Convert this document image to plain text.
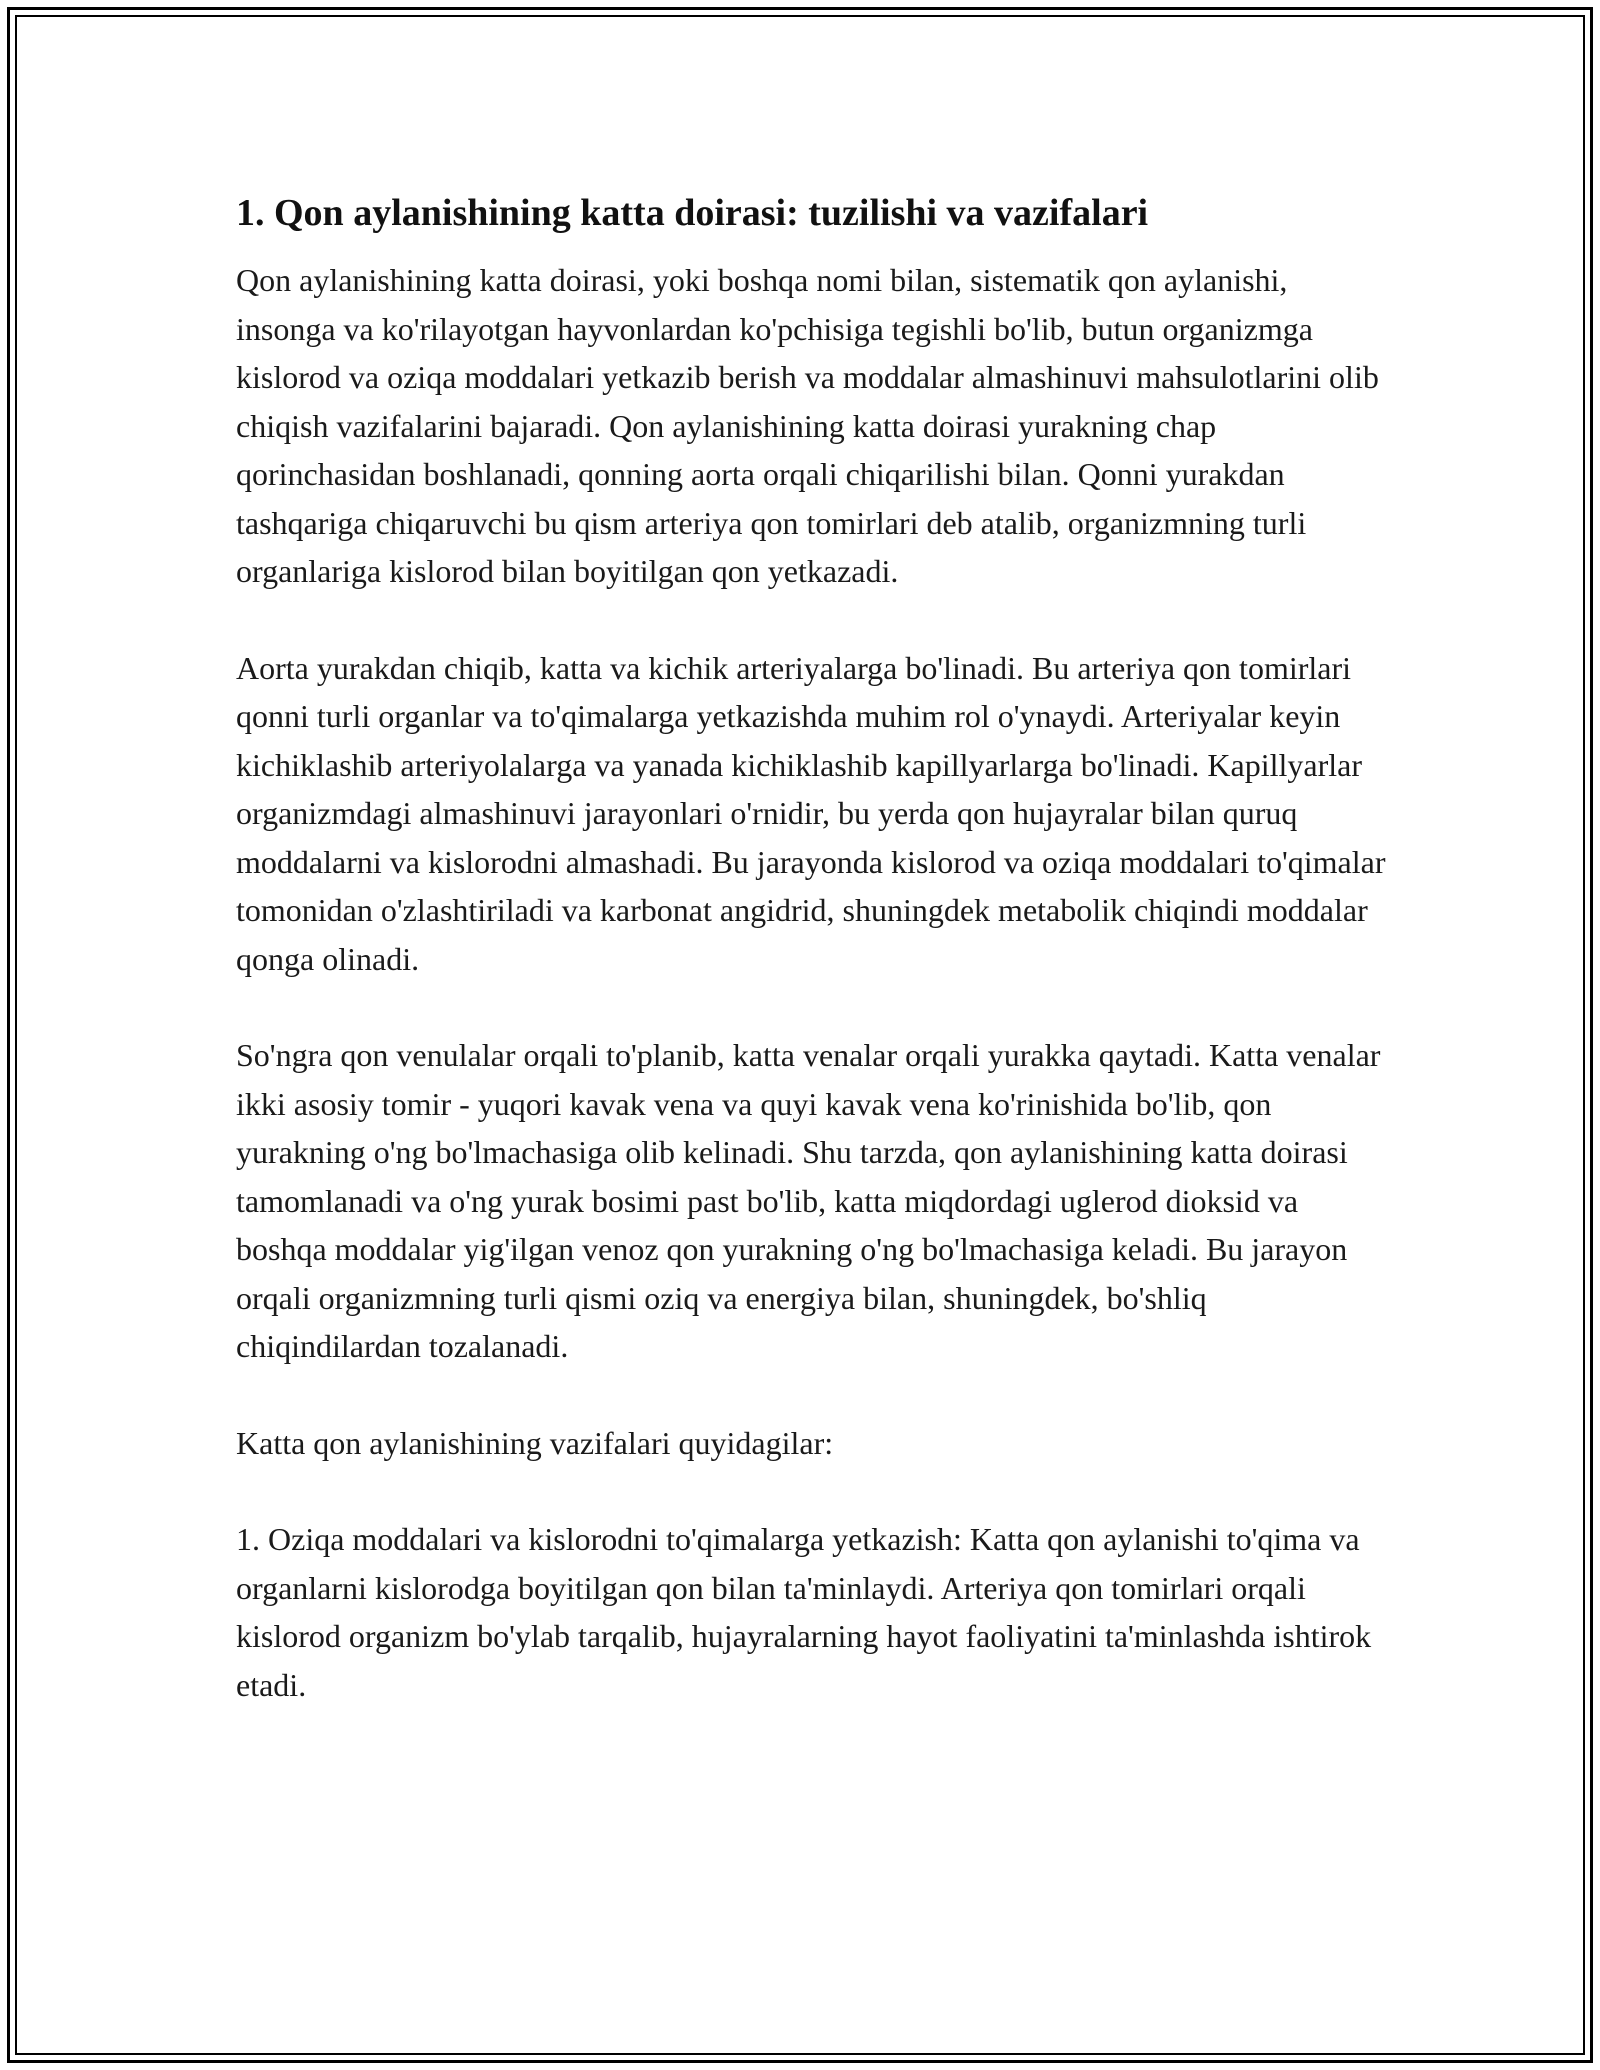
1. Qon aylanishining katta doirasi: tuzilishi va vazifalari

Qon aylanishining katta doirasi, yoki boshqa nomi bilan, sistematik qon aylanishi, insonga va ko'rilayotgan hayvonlardan ko'pchisiga tegishli bo'lib, butun organizmga kislorod va oziqa moddalari yetkazib berish va moddalar almashinuvi mahsulotlarini olib chiqish vazifalarini bajaradi. Qon aylanishining katta doirasi yurakning chap qorinchasidan boshlanadi, qonning aorta orqali chiqarilishi bilan. Qonni yurakdan tashqariga chiqaruvchi bu qism arteriya qon tomirlari deb atalib, organizmning turli organlariga kislorod bilan boyitilgan qon yetkazadi.

Aorta yurakdan chiqib, katta va kichik arteriyalarga bo'linadi. Bu arteriya qon tomirlari qonni turli organlar va to'qimalarga yetkazishda muhim rol o'ynaydi. Arteriyalar keyin kichiklashib arteriyolalarga va yanada kichiklashib kapillyarlarga bo'linadi. Kapillyarlar organizmdagi almashinuvi jarayonlari o'rnidir, bu yerda qon hujayralar bilan quruq moddalarni va kislorodni almashadi. Bu jarayonda kislorod va oziqa moddalari to'qimalar tomonidan o'zlashtiriladi va karbonat angidrid, shuningdek metabolik chiqindi moddalar qonga olinadi.

So'ngra qon venulalar orqali to'planib, katta venalar orqali yurakka qaytadi. Katta venalar ikki asosiy tomir - yuqori kavak vena va quyi kavak vena ko'rinishida bo'lib, qon yurakning o'ng bo'lmachasiga olib kelinadi. Shu tarzda, qon aylanishining katta doirasi tamomlanadi va o'ng yurak bosimi past bo'lib, katta miqdordagi uglerod dioksid va boshqa moddalar yig'ilgan venoz qon yurakning o'ng bo'lmachasiga keladi. Bu jarayon orqali organizmning turli qismi oziq va energiya bilan, shuningdek, bo'shliq chiqindilardan tozalanadi.

Katta qon aylanishining vazifalari quyidagilar:

1. Oziqa moddalari va kislorodni to'qimalarga yetkazish: Katta qon aylanishi to'qima va organlarni kislorodga boyitilgan qon bilan ta'minlaydi. Arteriya qon tomirlari orqali kislorod organizm bo'ylab tarqalib, hujayralarning hayot faoliyatini ta'minlashda ishtirok etadi.
